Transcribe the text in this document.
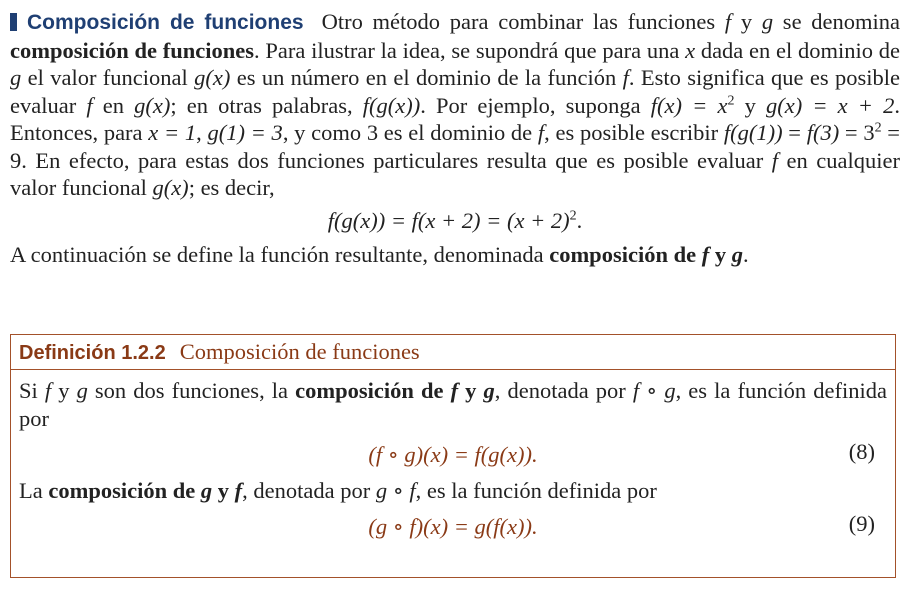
Composición de funciones Otro método para combinar las funciones f y g se denomina composición de funciones. Para ilustrar la idea, se supondrá que para una x dada en el dominio de g el valor funcional g(x) es un número en el dominio de la función f. Esto significa que es posible evaluar f en g(x); en otras palabras, f(g(x)). Por ejemplo, suponga $f(x) = x^2$ y g(x) = x + 2. Entonces, para x = 1, g(1) = 3, y como 3 es el dominio de f, es posible escribir $f(g(1)) = f(3) = 3^2 = 9$. En efecto, para estas dos funciones particulares resulta que es posible evaluar f en cualquier valor funcional g(x); es decir,

$f(g(x)) = f(x + 2) = (x + 2)^2$.

A continuación se define la función resultante, denominada composición de f y g.

Definición 1.2.2 Composición de funciones

Si f y g son dos funciones, la composición de f y g, denotada por f ∘ g, es la función definida por

(f ∘ g)(x) = f(g(x)).	(8)

La composición de g y f, denotada por g ∘ f, es la función definida por

(g ∘ f)(x) = g(f(x)).	(9)
